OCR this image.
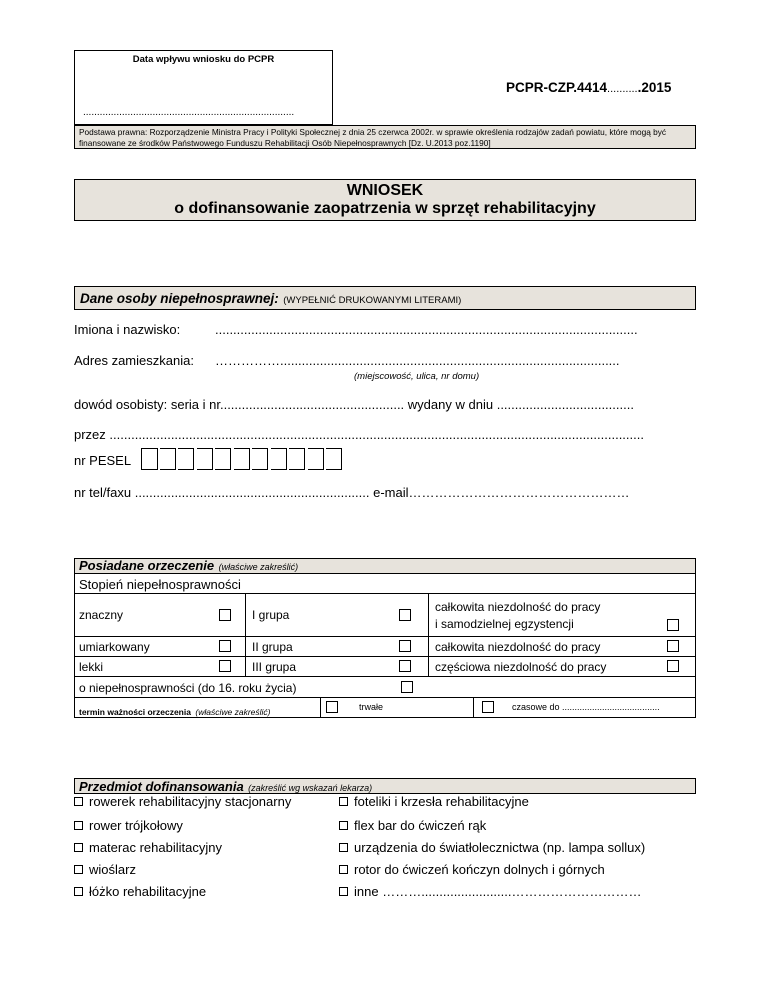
Data wpływu wniosku do PCPR
............................................................................
PCPR-CZP.4414...........2015
Podstawa prawna: Rozporządzenie Ministra Pracy i Polityki Społecznej z dnia 25 czerwca 2002r. w sprawie określenia rodzajów zadań powiatu, które mogą być finansowane ze środków Państwowego Funduszu Rehabilitacji Osób Niepełnosprawnych [Dz. U.2013 poz.1190]
WNIOSEK
o dofinansowanie zaopatrzenia w sprzęt rehabilitacyjny
Dane osoby niepełnosprawnej: (WYPEŁNIĆ DRUKOWANYMI LITERAMI)
Imiona i nazwisko:	.....................................................................................................................
Adres zamieszkania: ……………..............................................................................................
(miejscowość, ulica, nr domu)
dowód osobisty: seria i nr................................................... wydany w dniu ......................................
przez ....................................................................................................................................................
nr PESEL
nr tel/faxu ................................................................. e-mail……………………………………………
Posiadane orzeczenie (właściwe zakreślić)
Stopień niepełnosprawności
znaczny	I grupa
całkowita niezdolność do pracy
i samodzielnej egzystencji
umiarkowany	II grupa	całkowita niezdolność do pracy
lekki	III grupa	częściowa niezdolność do pracy
o niepełnosprawności (do 16. roku życia)
termin ważności orzeczenia (właściwe zakreślić)	trwałe	czasowe do .......................................
Przedmiot dofinansowania (zakreślić wg wskazań lekarza)
rowerek rehabilitacyjny stacjonarny
rower trójkołowy
materac rehabilitacyjny
wioślarz
łóżko rehabilitacyjne
foteliki i krzesła rehabilitacyjne
flex bar do ćwiczeń rąk
urządzenia do światłolecznictwa (np. lampa sollux)
rotor do ćwiczeń kończyn dolnych i górnych
inne ……….........................…………………………
